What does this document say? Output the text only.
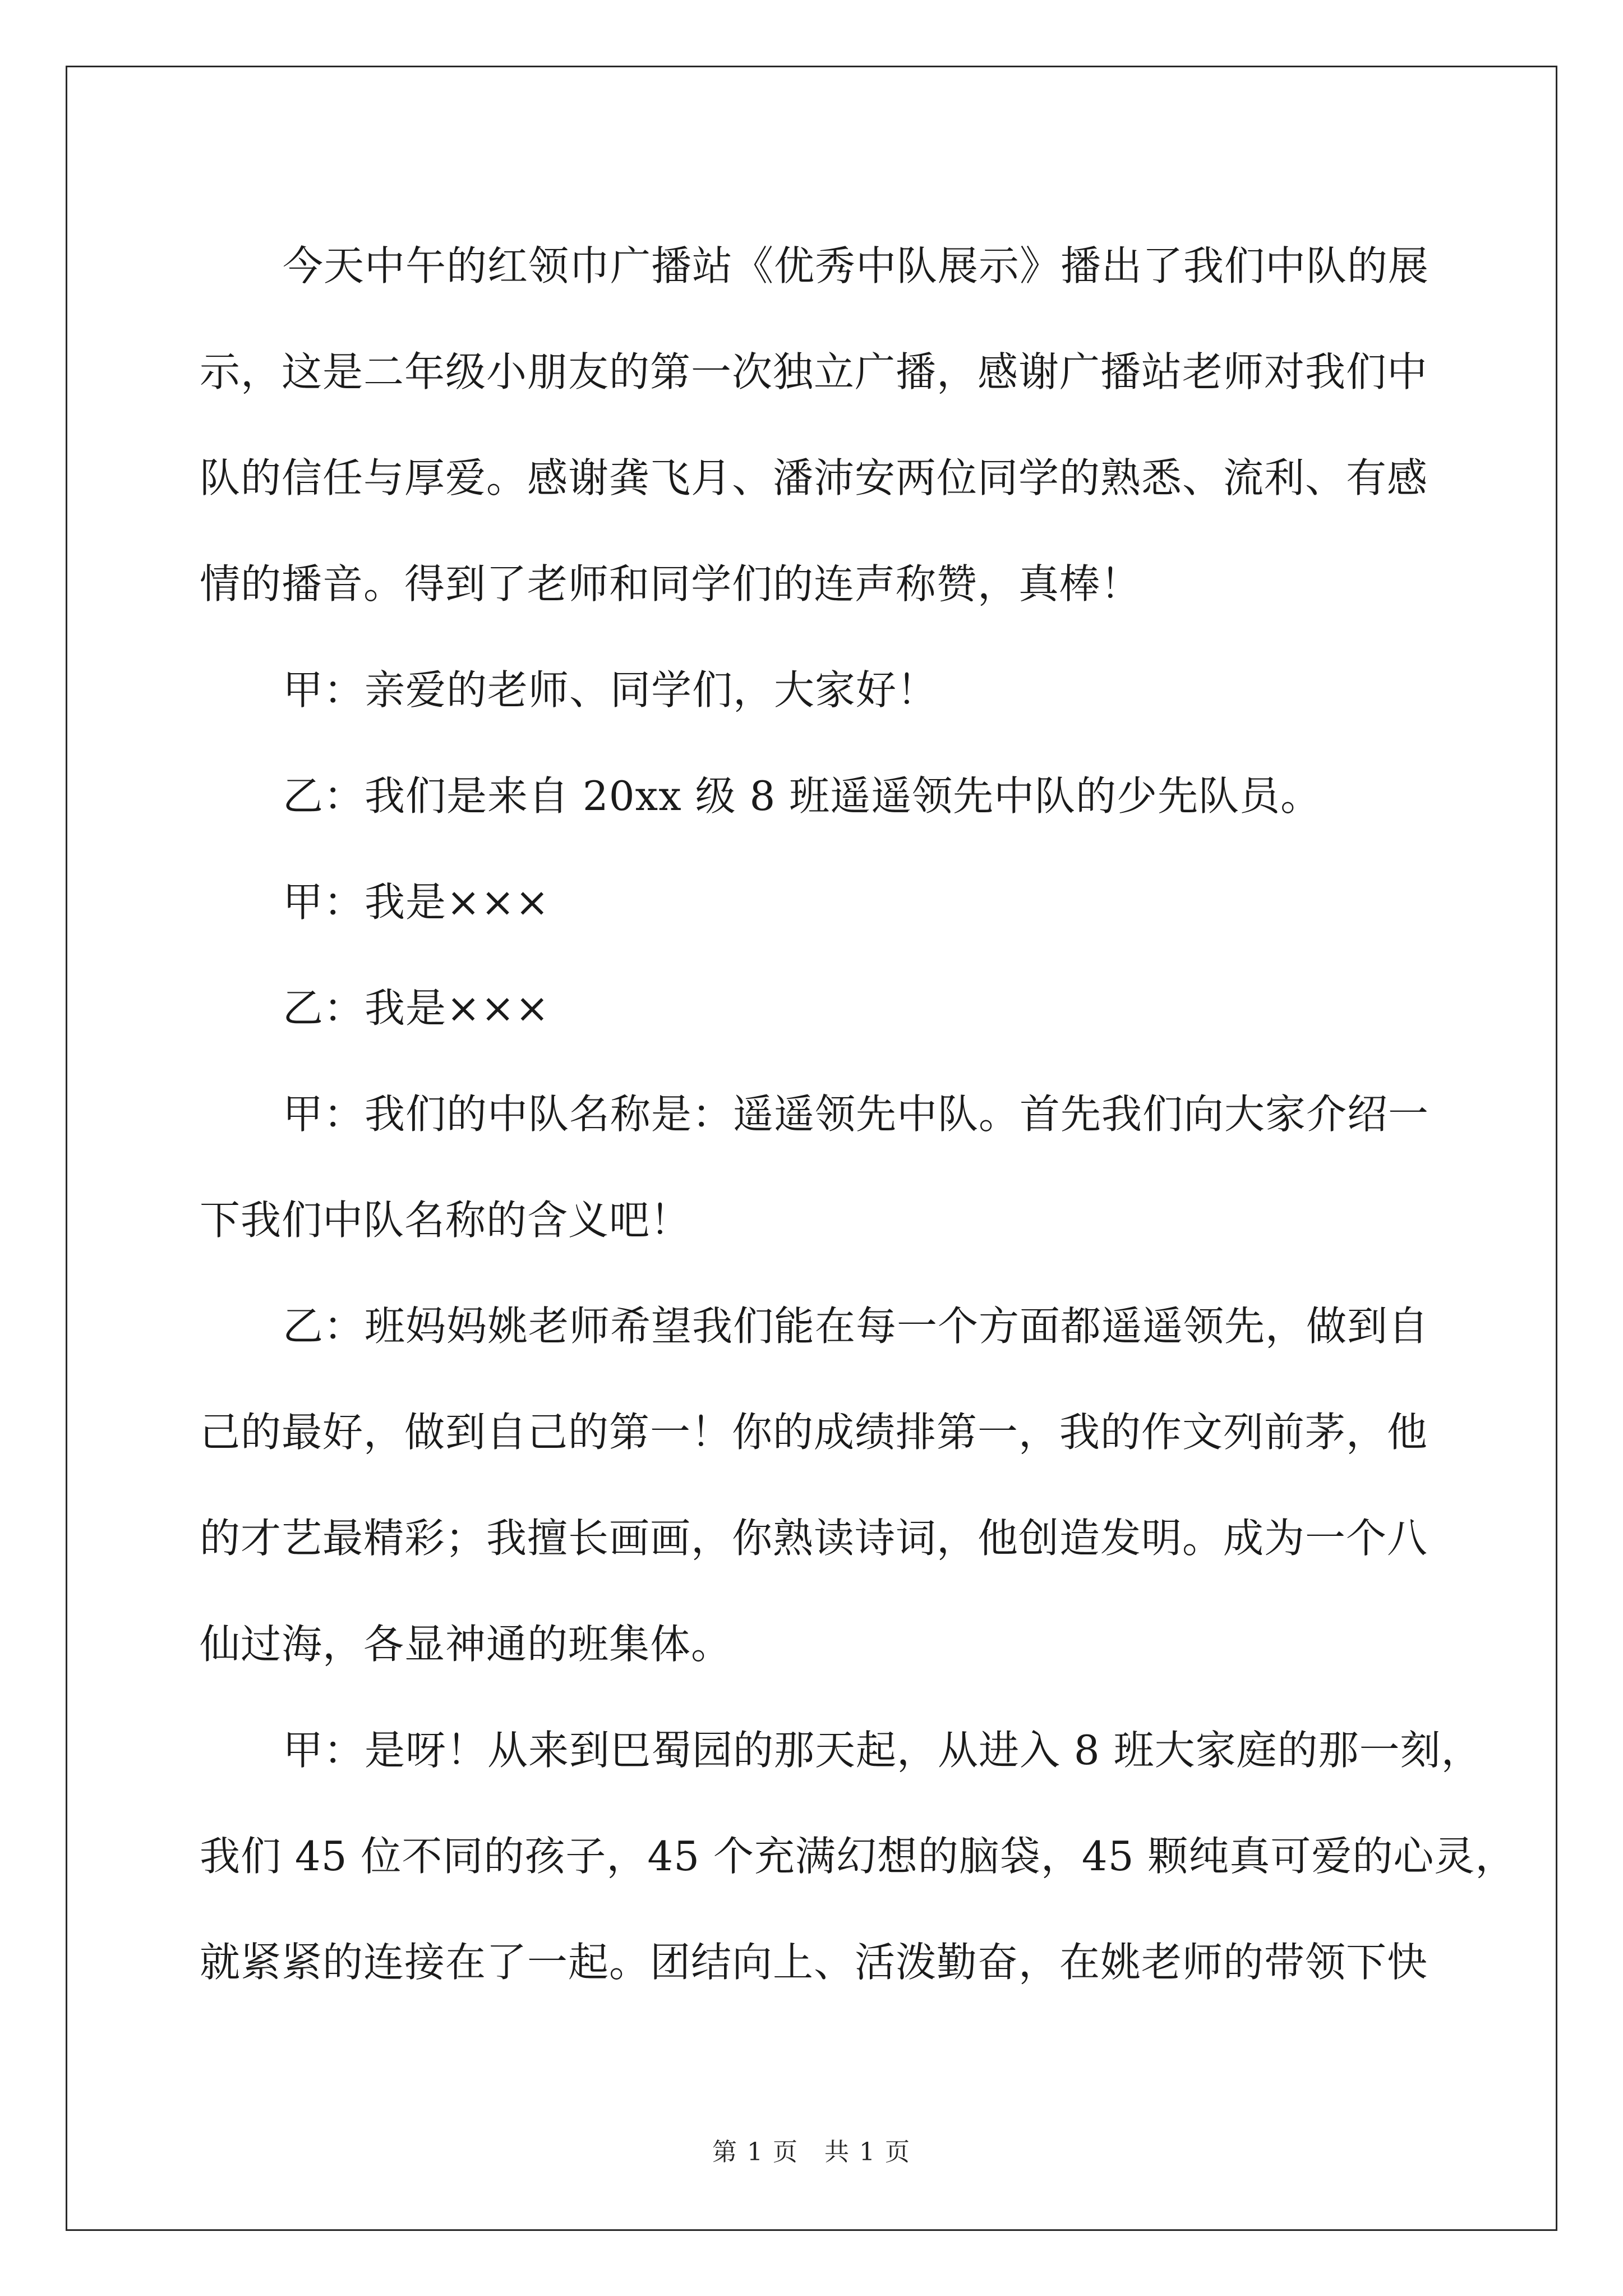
今天中午的红领巾广播站《优秀中队展示》播出了我们中队的展
示，这是二年级小朋友的第一次独立广播，感谢广播站老师对我们中
队的信任与厚爱。感谢龚飞月、潘沛安两位同学的熟悉、流利、有感
情的播音。得到了老师和同学们的连声称赞，真棒！

甲：亲爱的老师、同学们，大家好！

乙：我们是来自 20xx 级 8 班遥遥领先中队的少先队员。

甲：我是×××

乙：我是×××

甲：我们的中队名称是：遥遥领先中队。首先我们向大家介绍一
下我们中队名称的含义吧！

乙：班妈妈姚老师希望我们能在每一个方面都遥遥领先，做到自
己的最好，做到自己的第一！你的成绩排第一，我的作文列前茅，他
的才艺最精彩；我擅长画画，你熟读诗词，他创造发明。成为一个八
仙过海，各显神通的班集体。

甲：是呀！从来到巴蜀园的那天起，从进入 8 班大家庭的那一刻，
我们 45 位不同的孩子，45 个充满幻想的脑袋，45 颗纯真可爱的心灵，
就紧紧的连接在了一起。团结向上、活泼勤奋，在姚老师的带领下快

第 1 页　共 1 页
